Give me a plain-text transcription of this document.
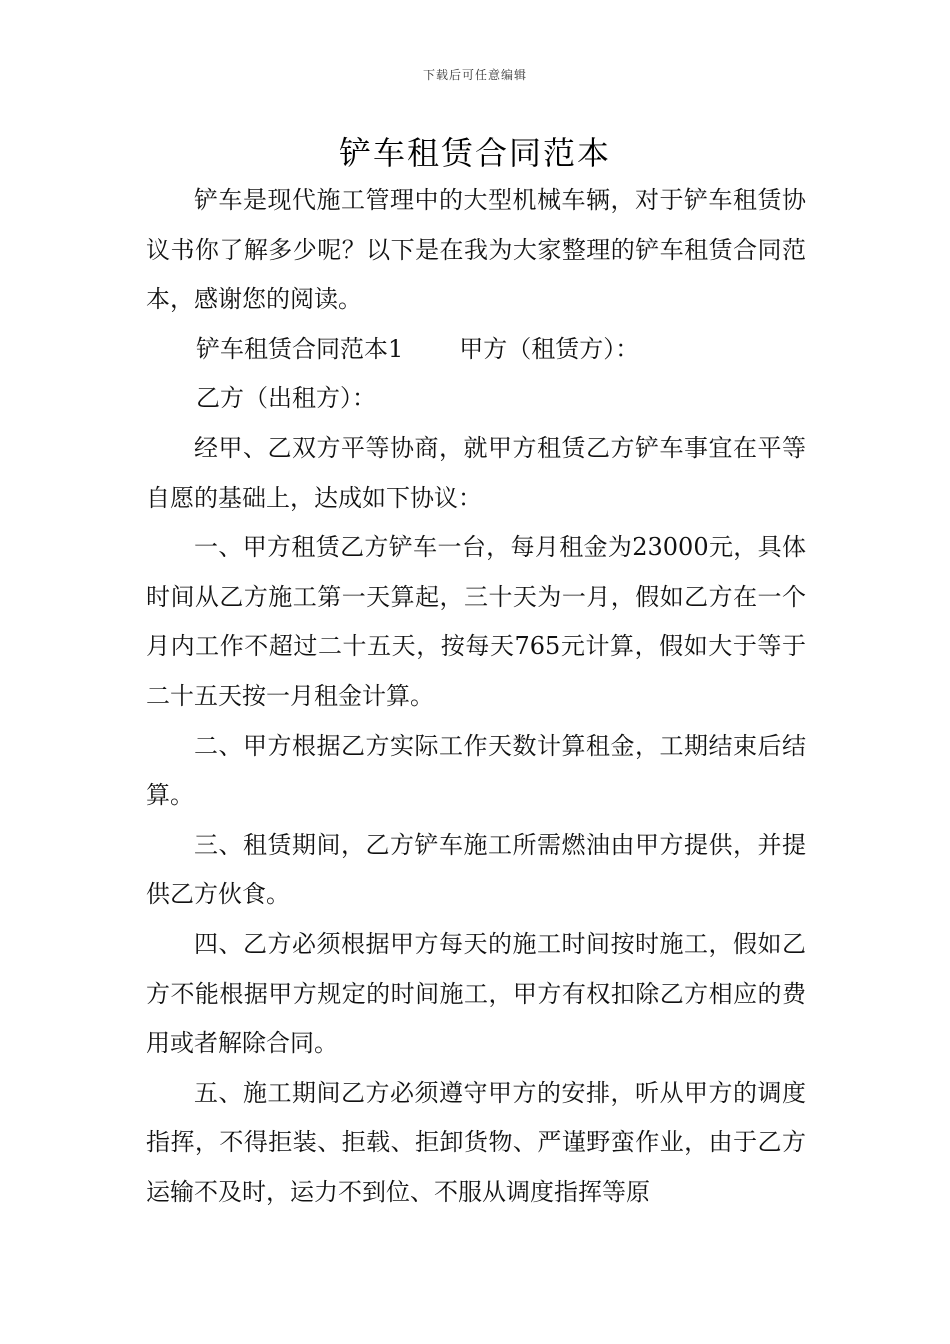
下载后可任意编辑
铲车租赁合同范本

铲车是现代施工管理中的大型机械车辆，对于铲车租赁协议书你了解多少呢？以下是在我为大家整理的铲车租赁合同范本，感谢您的阅读。

铲车租赁合同范本1 甲方（租赁方）：

乙方（出租方）：

经甲、乙双方平等协商，就甲方租赁乙方铲车事宜在平等自愿的基础上，达成如下协议：

一、甲方租赁乙方铲车一台，每月租金为23000元，具体时间从乙方施工第一天算起，三十天为一月，假如乙方在一个月内工作不超过二十五天，按每天765元计算，假如大于等于二十五天按一月租金计算。

二、甲方根据乙方实际工作天数计算租金，工期结束后结算。

三、租赁期间，乙方铲车施工所需燃油由甲方提供，并提供乙方伙食。

四、乙方必须根据甲方每天的施工时间按时施工，假如乙方不能根据甲方规定的时间施工，甲方有权扣除乙方相应的费用或者解除合同。

五、施工期间乙方必须遵守甲方的安排，听从甲方的调度指挥，不得拒装、拒载、拒卸货物、严谨野蛮作业，由于乙方运输不及时，运力不到位、不服从调度指挥等原
